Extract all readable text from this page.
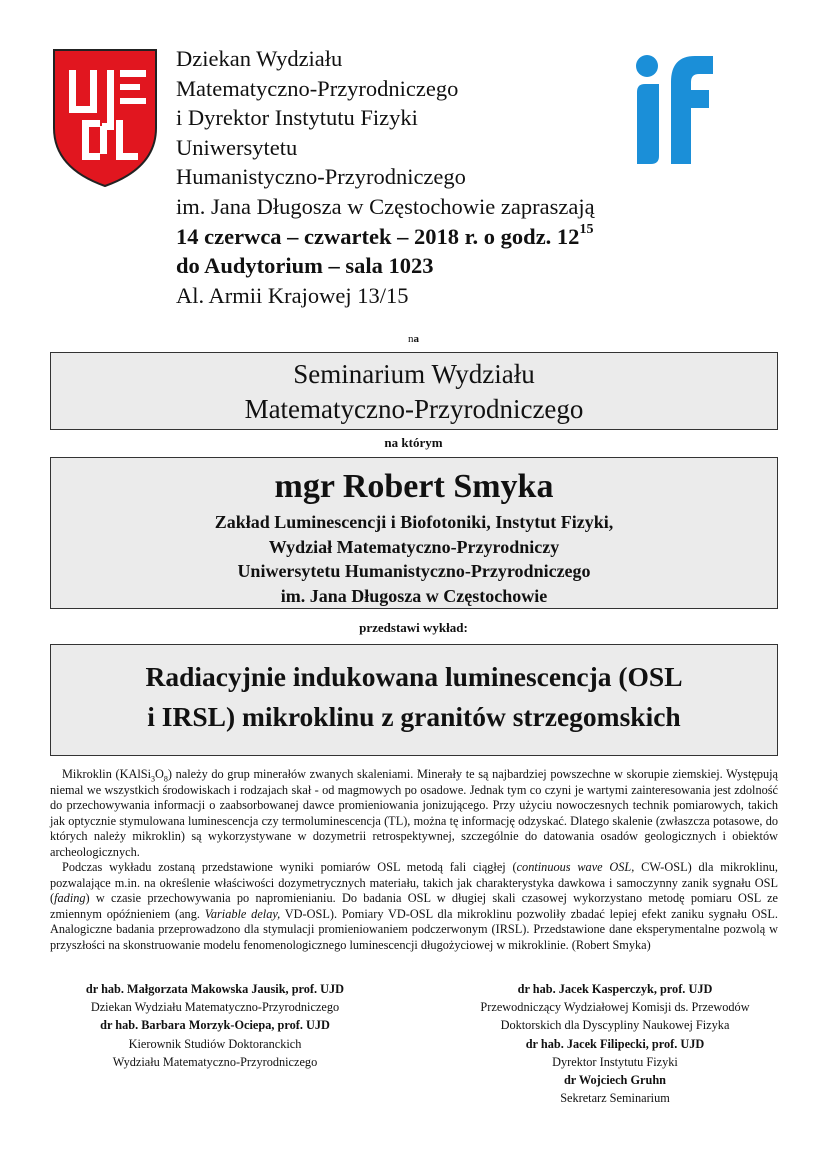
Dziekan Wydziału
Matematyczno-Przyrodniczego
i Dyrektor Instytutu Fizyki
Uniwersytetu
Humanistyczno-Przyrodniczego
im. Jana Długosza w Częstochowie zapraszają
14 czerwca – czwartek – 2018 r. o godz. $12^{15}$
do Audytorium – sala 1023
Al. Armii Krajowej 13/15
na
Seminarium Wydziału
Matematyczno-Przyrodniczego
na którym
mgr Robert Smyka
Zakład Luminescencji i Biofotoniki, Instytut Fizyki,
Wydział Matematyczno-Przyrodniczy
Uniwersytetu Humanistyczno-Przyrodniczego
im. Jana Długosza w Częstochowie
przedstawi wykład:
Radiacyjnie indukowana luminescencja (OSL
i IRSL) mikroklinu z granitów strzegomskich

Mikroklin $(KAlSi_3O_8)$ należy do grup minerałów zwanych skaleniami. Minerały te są najbardziej powszechne w skorupie ziemskiej. Występują niemal we wszystkich środowiskach i rodzajach skał - od magmowych po osadowe. Jednak tym co czyni je wartymi zainteresowania jest zdolność do przechowywania informacji o zaabsorbowanej dawce promieniowania jonizującego. Przy użyciu nowoczesnych technik pomiarowych, takich jak optycznie stymulowana luminescencja czy termoluminescencja (TL), można tę informację odzyskać. Dlatego skalenie (zwłaszcza potasowe, do których należy mikroklin) są wykorzystywane w dozymetrii retrospektywnej, szczególnie do datowania osadów geologicznych i obiektów archeologicznych.

Podczas wykładu zostaną przedstawione wyniki pomiarów OSL metodą fali ciągłej (continuous wave OSL, CW-OSL) dla mikroklinu, pozwalające m.in. na określenie właściwości dozymetrycznych materiału, takich jak charakterystyka dawkowa i samoczynny zanik sygnału OSL (fading) w czasie przechowywania po napromienianiu. Do badania OSL w długiej skali czasowej wykorzystano metodę pomiaru OSL ze zmiennym opóźnieniem (ang. Variable delay, VD-OSL). Pomiary VD-OSL dla mikroklinu pozwoliły zbadać lepiej efekt zaniku sygnału OSL. Analogiczne badania przeprowadzono dla stymulacji promieniowaniem podczerwonym (IRSL). Przedstawione dane eksperymentalne pozwolą w przyszłości na skonstruowanie modelu fenomenologicznego luminescencji długożyciowej w mikroklinie. (Robert Smyka)

dr hab. Małgorzata Makowska Jausik, prof. UJD
Dziekan Wydziału Matematyczno-Przyrodniczego
dr hab. Barbara Morzyk-Ociepa, prof. UJD
Kierownik Studiów Doktoranckich
Wydziału Matematyczno-Przyrodniczego
dr hab. Jacek Kasperczyk, prof. UJD
Przewodniczący Wydziałowej Komisji ds. Przewodów
Doktorskich dla Dyscypliny Naukowej Fizyka
dr hab. Jacek Filipecki, prof. UJD
Dyrektor Instytutu Fizyki
dr Wojciech Gruhn
Sekretarz Seminarium
